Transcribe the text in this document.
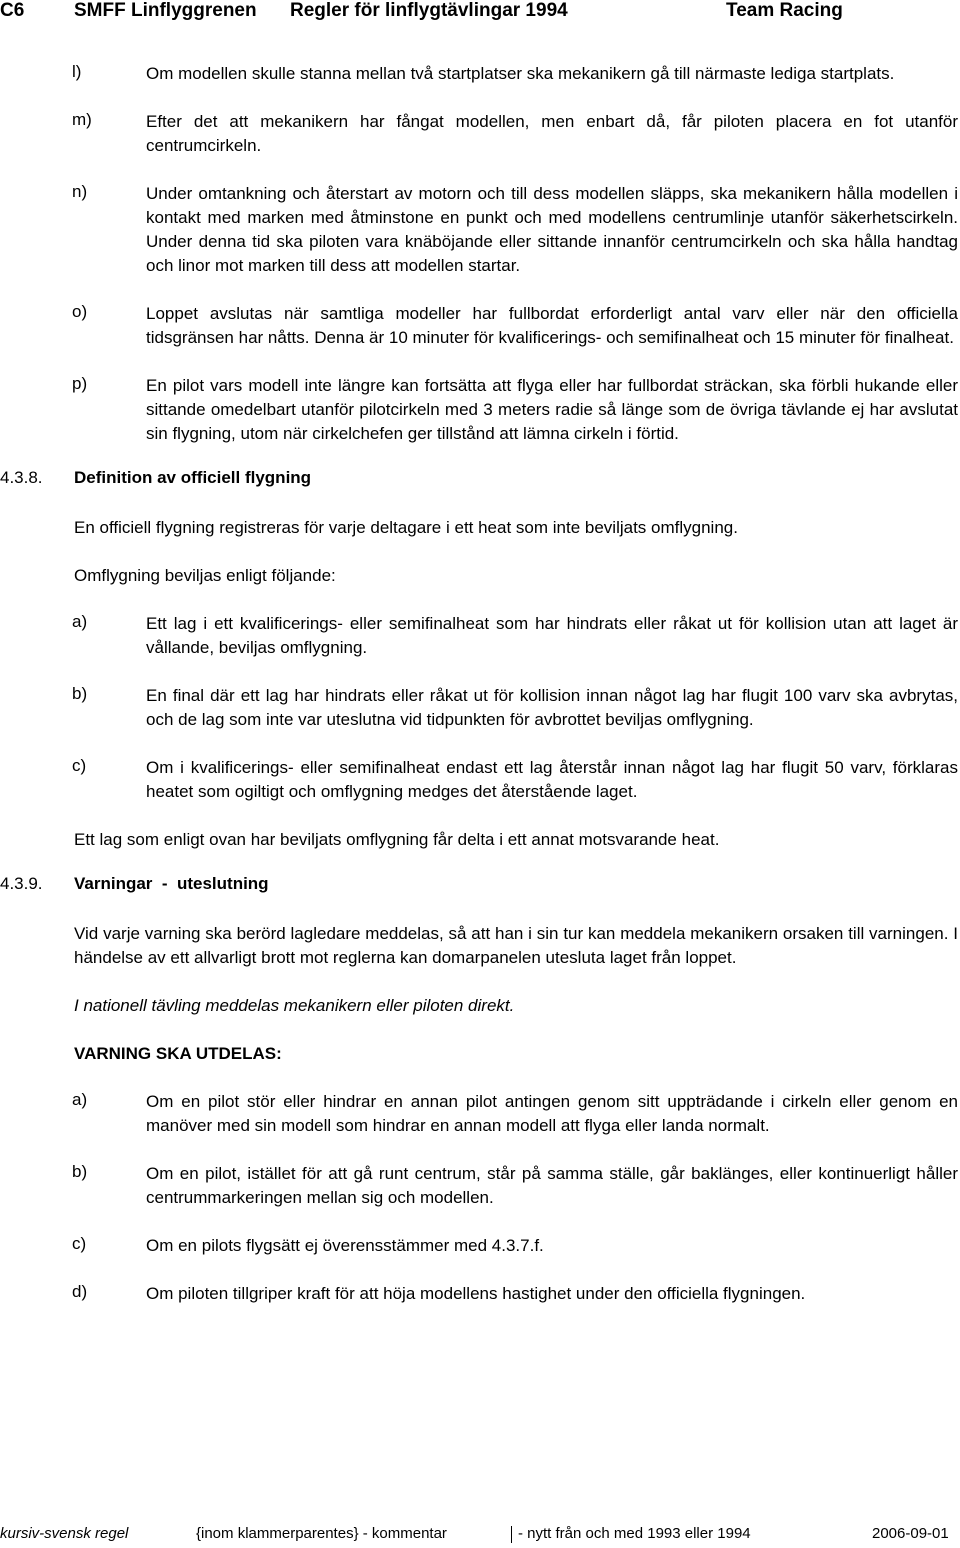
C6	SMFF Linflyggrenen Regler för linflygtävlingar 1994	Team Racing
l)	Om modellen skulle stanna mellan två startplatser ska mekanikern gå till närmaste lediga startplats.
m)	Efter det att mekanikern har fångat modellen, men enbart då, får piloten placera en fot utanför centrumcirkeln.
n)	Under omtankning och återstart av motorn och till dess modellen släpps, ska mekanikern hålla modellen i kontakt med marken med åtminstone en punkt och med modellens centrumlinje utanför säkerhetscirkeln. Under denna tid ska piloten vara knäböjande eller sittande innanför centrumcirkeln och ska hålla handtag och linor mot marken till dess att modellen startar.
o)	Loppet avslutas när samtliga modeller har fullbordat erforderligt antal varv eller när den officiella tidsgränsen har nåtts. Denna är 10 minuter för kvalificerings- och semifinalheat och 15 minuter för finalheat.
p)	En pilot vars modell inte längre kan fortsätta att flyga eller har fullbordat sträckan, ska förbli hukande eller sittande omedelbart utanför pilotcirkeln med 3 meters radie så länge som de övriga tävlande ej har avslutat sin flygning, utom när cirkelchefen ger tillstånd att lämna cirkeln i förtid.
4.3.8. Definition av officiell flygning
En officiell flygning registreras för varje deltagare i ett heat som inte beviljats omflygning.
Omflygning beviljas enligt följande:
a)	Ett lag i ett kvalificerings- eller semifinalheat som har hindrats eller råkat ut för kollision utan att laget är vållande, beviljas omflygning.
b)	En final där ett lag har hindrats eller råkat ut för kollision innan något lag har flugit 100 varv ska avbrytas, och de lag som inte var uteslutna vid tidpunkten för avbrottet beviljas omflygning.
c)	Om i kvalificerings- eller semifinalheat endast ett lag återstår innan något lag har flugit 50 varv, förklaras heatet som ogiltigt och omflygning medges det återstående laget.
Ett lag som enligt ovan har beviljats omflygning får delta i ett annat motsvarande heat.
4.3.9. Varningar  -  uteslutning
Vid varje varning ska berörd lagledare meddelas, så att han i sin tur kan meddela mekanikern orsaken till varningen. I händelse av ett allvarligt brott mot reglerna kan domarpanelen utesluta laget från loppet.
I nationell tävling meddelas mekanikern eller piloten direkt.
VARNING SKA UTDELAS:
a)	Om en pilot stör eller hindrar en annan pilot antingen genom sitt uppträdande i cirkeln eller genom en manöver med sin modell som hindrar en annan modell att flyga eller landa normalt.
b)	Om en pilot, istället för att gå runt centrum, står på samma ställe, går baklänges, eller kontinuerligt håller centrummarkeringen mellan sig och modellen.
c)	Om en pilots flygsätt ej överensstämmer med 4.3.7.f.
d)	Om piloten tillgriper kraft för att höja modellens hastighet under den officiella flygningen.
kursiv-svensk regel	{inom klammerparentes} - kommentar	- nytt från och med 1993 eller 1994	2006-09-01
